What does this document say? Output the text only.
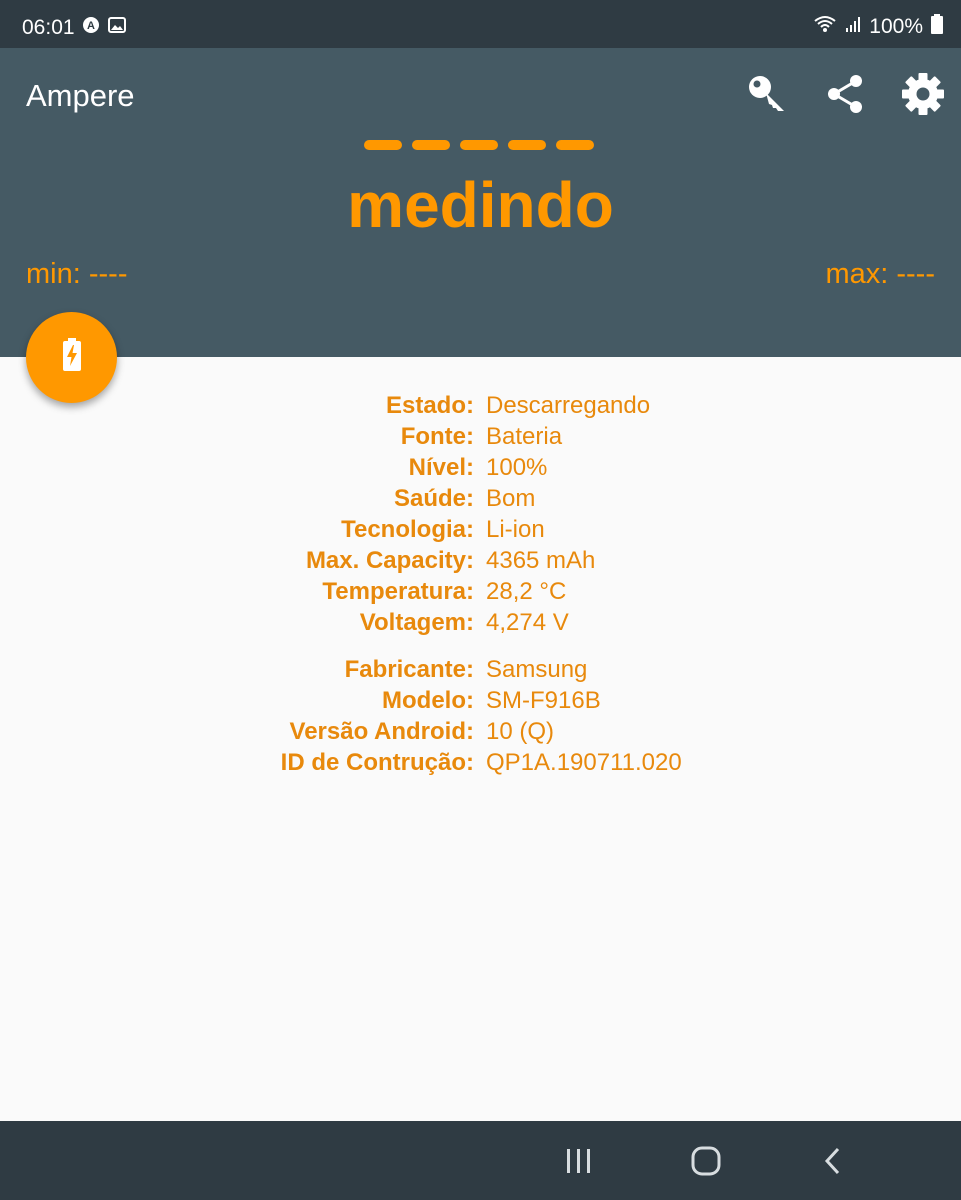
06:01 A	100%
Ampere
medindo
min: ----	max: ----
Estado: Descarregando
Fonte: Bateria
Nível: 100%
Saúde: Bom
Tecnologia: Li-ion
Max. Capacity: 4365 mAh
Temperatura: 28,2 °C
Voltagem: 4,274 V
Fabricante: Samsung
Modelo: SM-F916B
Versão Android: 10 (Q)
ID de Contrução: QP1A.190711.020
